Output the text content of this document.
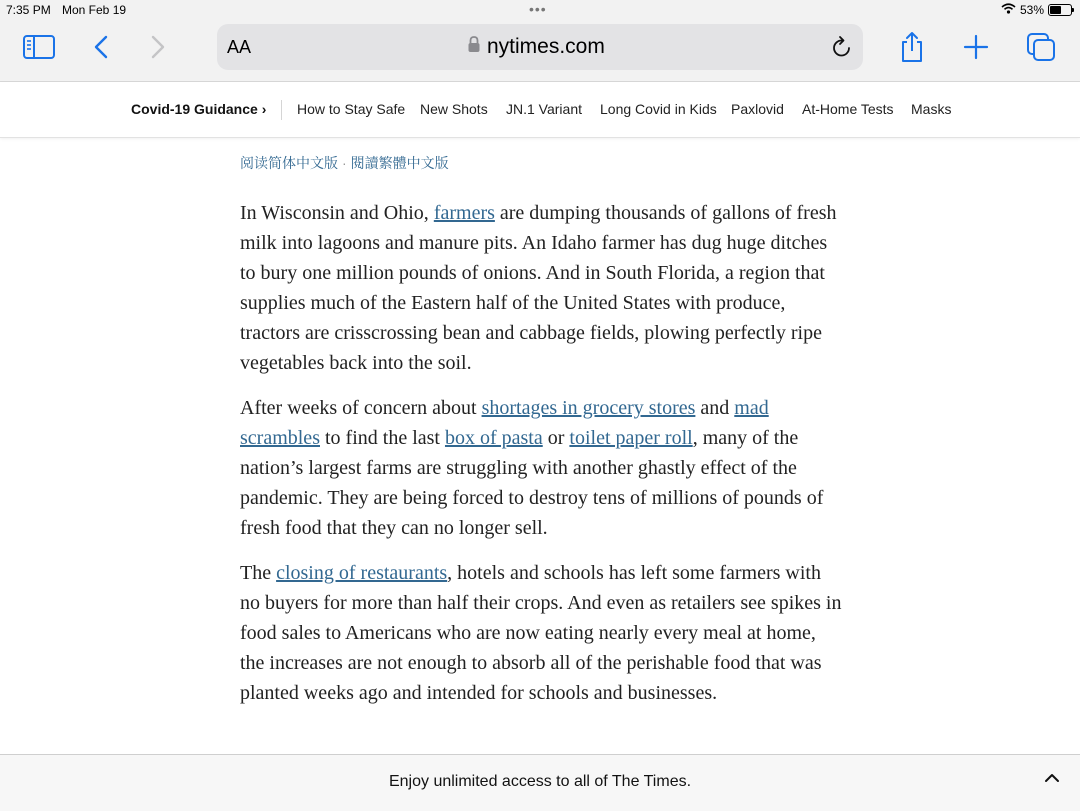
7:35 PM Mon Feb 19	•••	53%
AA	nytimes.com
Covid-19 Guidance › How to Stay Safe New Shots JN.1 Variant Long Covid in Kids Paxlovid At-Home Tests Masks
阅读简体中文版 · 閱讀繁體中文版

In Wisconsin and Ohio, farmers are dumping thousands of gallons of fresh milk into lagoons and manure pits. An Idaho farmer has dug huge ditches to bury one million pounds of onions. And in South Florida, a region that supplies much of the Eastern half of the United States with produce, tractors are crisscrossing bean and cabbage fields, plowing perfectly ripe vegetables back into the soil.

After weeks of concern about shortages in grocery stores and mad scrambles to find the last box of pasta or toilet paper roll, many of the nation’s largest farms are struggling with another ghastly effect of the pandemic. They are being forced to destroy tens of millions of pounds of fresh food that they can no longer sell.

The closing of restaurants, hotels and schools has left some farmers with no buyers for more than half their crops. And even as retailers see spikes in food sales to Americans who are now eating nearly every meal at home, the increases are not enough to absorb all of the perishable food that was planted weeks ago and intended for schools and businesses.

Enjoy unlimited access to all of The Times.
